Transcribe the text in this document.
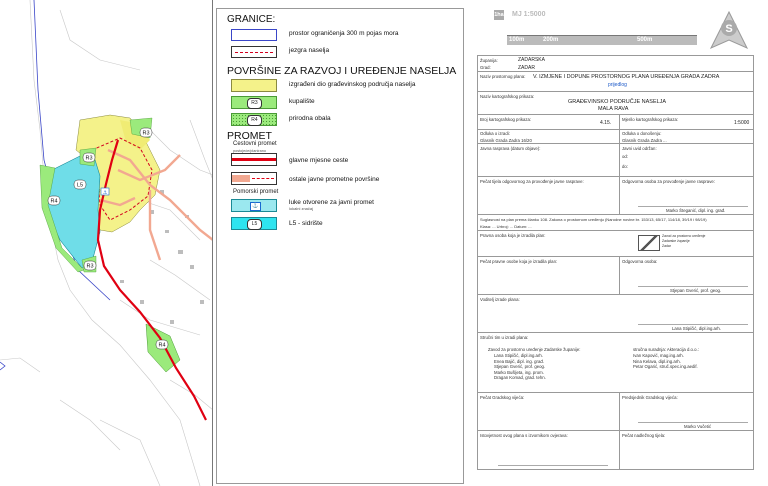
⚓
R3
R3
L5
R4
R3
R4
GRANICE:
prostor ograničenja 300 m pojas mora
jezgra naselja
POVRŠINE ZA RAZVOJ I UREĐENJE NASELJA
izgrađeni dio građevinskog područja naselja
R3	kupalište
R4	prirodna obala
PROMET
Cestovni promet
postojeće/planirano
glavne mjesne ceste
ostale javne prometne površine
Pomorski promet
⚓	luke otvorene za javni promet
lokalni značaj
L5	L5 - sidrište
1ha MJ 1:5000
100m	200m	500m
S
Županija:	ZADARSKA
Grad:	ZADAR
Naziv prostornog plana: V. IZMJENE I DOPUNE PROSTORNOG PLANA UREĐENJA GRADA ZADRA
prijedlog
Naziv kartografskog prikaza:
GRAĐEVINSKO PODRUČJE NASELJA
MALA RAVA
Broj kartografskog prikaza:
4.15.
Mjerilo kartografskog prikaza:
1:5000
Odluka o izradi:
Glasnik Grada Zadra 16/20
Odluka o donošenju:
Glasnik Grada Zadra ...
Javna rasprava (datum objave):	Javni uvid održan:
od:
do:
Pečat tijela odgovornog za provođenje javne rasprave:	Odgovorna osoba za provođenje javne rasprave:
Marko Šteganić, dipl. ing. građ.
Suglasnost na plan prema članku 108. Zakona o prostornom uređenju (Narodne novine br. 153/13, 65/17, 114/18, 39/19 i 98/19)
Klasa: ... Urbroj: ... Datum: ...
Pravna osoba koja je izradila plan:	Zavod za prostorno uređenje
Zadarske županije
Zadar
Pečat pravne osobe koja je izradila plan:	Odgovorna osoba:
Stjepan Gverić, prof. geog.
Voditelj izrade plana:
Lana Stipičić, dipl.ing.arh.
Stručni tim u izradi plana:
Zavod za prostorno uređenje Zadarske županije:
Lana Stipičić, dipl.ing.arh.
Enea Bajić, dipl. ing. građ.
Stjepan Gverić, prof. geog.
Marko Bušljeta, ing. prom.
Dragan Komad, grad. tehn.
stručna suradnja: Akteracija d.o.o.:
Ivan Kapović, mag.ing.arh.
Nina Kelava, dipl.ing.arh.
Petar Ogarić, struč.spec.ing.aedif.
Pečat Gradskog vijeća:	Predsjednik Gradskog vijeća:
Marko Vučetić
Istovjetnost ovog plana s izvornikom ovjerava:	Pečat nadležnog tijela:
